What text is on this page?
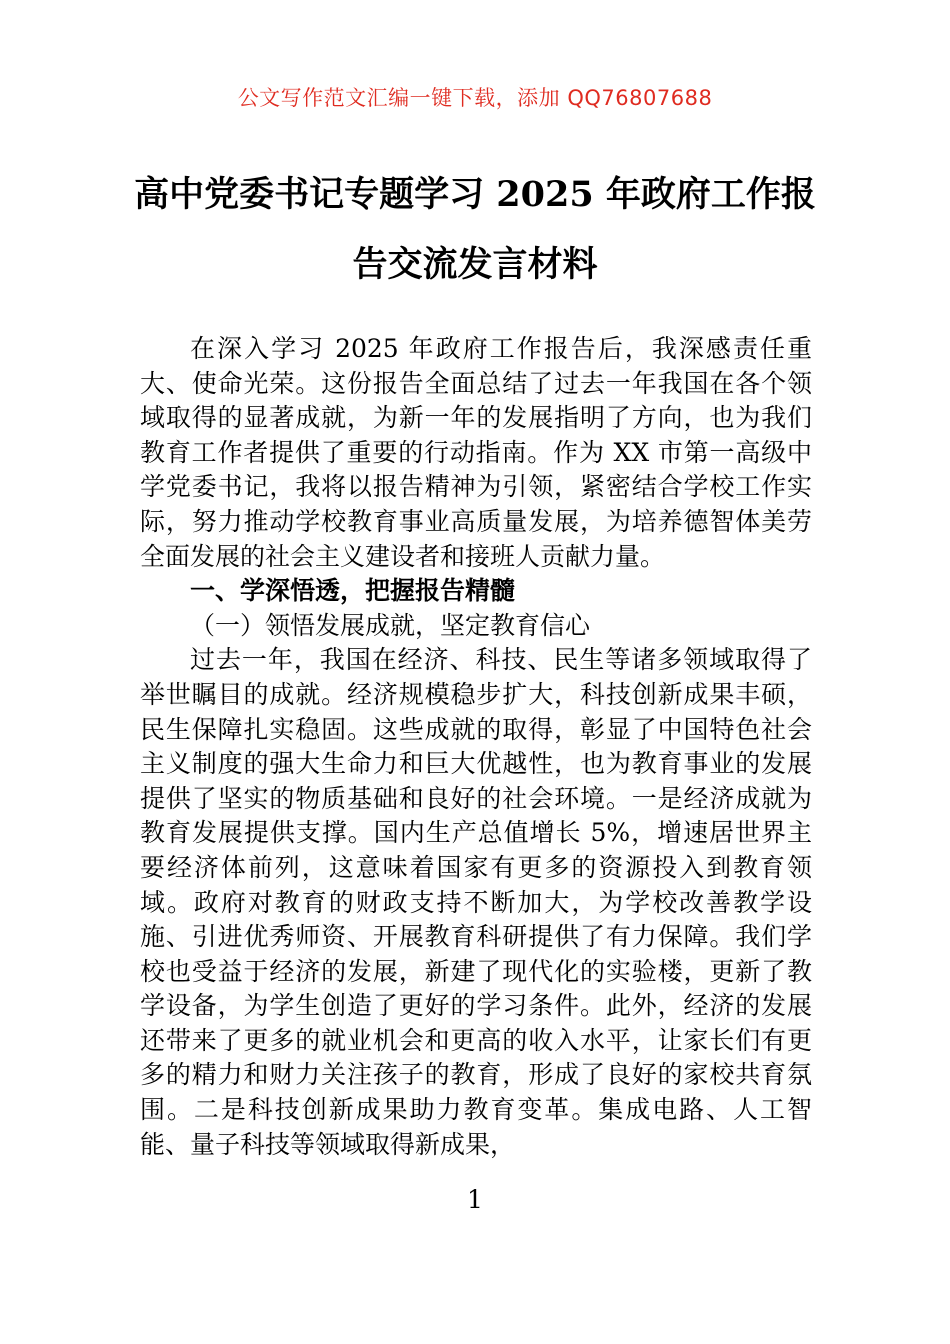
公文写作范文汇编一键下载，添加 QQ76807688
高中党委书记专题学习 2025 年政府工作报
告交流发言材料

在深入学习 2025 年政府工作报告后，我深感责任重大、使命光荣。这份报告全面总结了过去一年我国在各个领域取得的显著成就，为新一年的发展指明了方向，也为我们教育工作者提供了重要的行动指南。作为 XX 市第一高级中学党委书记，我将以报告精神为引领，紧密结合学校工作实际，努力推动学校教育事业高质量发展，为培养德智体美劳全面发展的社会主义建设者和接班人贡献力量。

一、学深悟透，把握报告精髓

（一）领悟发展成就，坚定教育信心

过去一年，我国在经济、科技、民生等诸多领域取得了举世瞩目的成就。经济规模稳步扩大，科技创新成果丰硕，民生保障扎实稳固。这些成就的取得，彰显了中国特色社会主义制度的强大生命力和巨大优越性，也为教育事业的发展提供了坚实的物质基础和良好的社会环境。一是经济成就为教育发展提供支撑。国内生产总值增长 5%，增速居世界主要经济体前列，这意味着国家有更多的资源投入到教育领域。政府对教育的财政支持不断加大，为学校改善教学设施、引进优秀师资、开展教育科研提供了有力保障。我们学校也受益于经济的发展，新建了现代化的实验楼，更新了教学设备，为学生创造了更好的学习条件。此外，经济的发展还带来了更多的就业机会和更高的收入水平，让家长们有更多的精力和财力关注孩子的教育，形成了良好的家校共育氛围。二是科技创新成果助力教育变革。集成电路、人工智能、量子科技等领域取得新成果，

1
